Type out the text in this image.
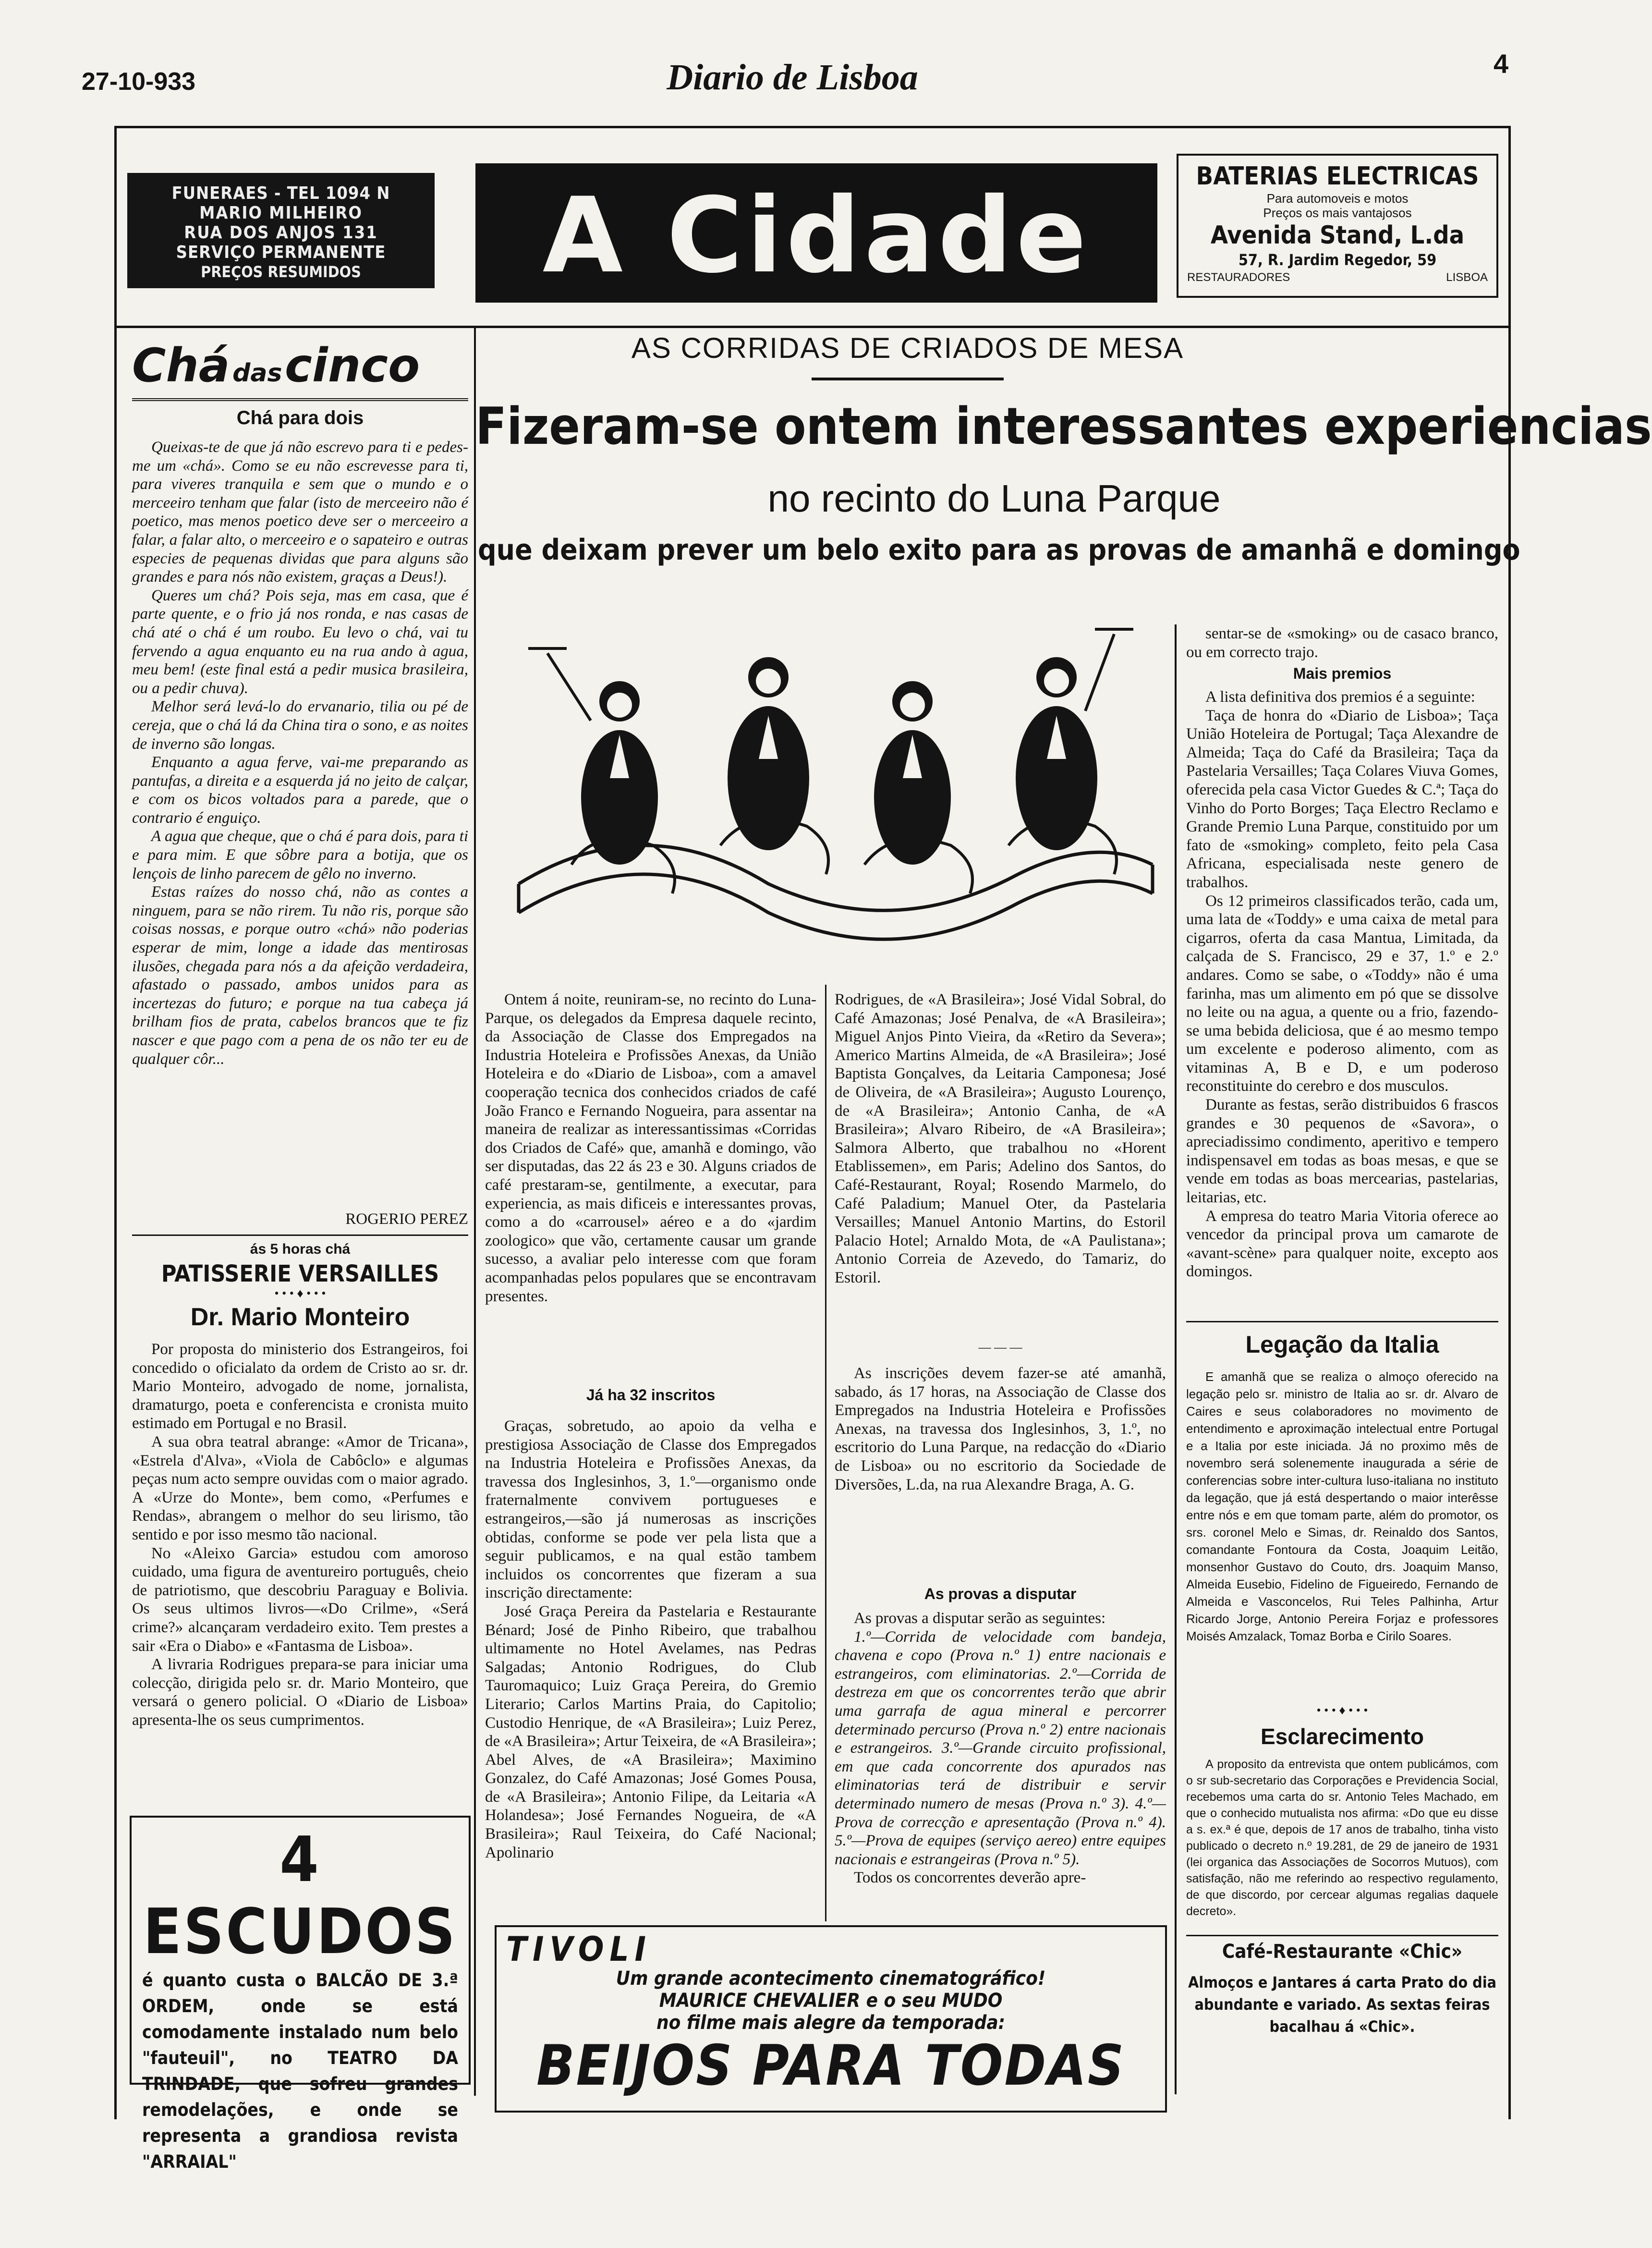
27-10-933	Diario de Lisboa	4
FUNERAES - TEL 1094 N
MARIO MILHEIRO
RUA DOS ANJOS 131
SERVIÇO PERMANENTE
PREÇOS RESUMIDOS	A Cidade	BATERIAS ELECTRICAS
Para automoveis e motos
Preços os mais vantajosos
Avenida Stand, L.da
57, R. Jardim Regedor, 59
RESTAURADORES	LISBOA
Chá das cinco
Chá para dois

Queixas-te de que já não escrevo para ti e pedes-me um «chá». Como se eu não escrevesse para ti, para viveres tranquila e sem que o mundo e o merceeiro tenham que falar (isto de merceeiro não é poetico, mas menos poetico deve ser o merceeiro a falar, a falar alto, o merceeiro e o sapateiro e outras especies de pequenas dividas que para alguns são grandes e para nós não existem, graças a Deus!).

Queres um chá? Pois seja, mas em casa, que é parte quente, e o frio já nos ronda, e nas casas de chá até o chá é um roubo. Eu levo o chá, vai tu fervendo a agua enquanto eu na rua ando à agua, meu bem! (este final está a pedir musica brasileira, ou a pedir chuva).

Melhor será levá-lo do ervanario, tilia ou pé de cereja, que o chá lá da China tira o sono, e as noites de inverno são longas.

Enquanto a agua ferve, vai-me preparando as pantufas, a direita e a esquerda já no jeito de calçar, e com os bicos voltados para a parede, que o contrario é enguiço.

A agua que cheque, que o chá é para dois, para ti e para mim. E que sôbre para a botija, que os lençois de linho parecem de gêlo no inverno.

Estas raízes do nosso chá, não as contes a ninguem, para se não rirem. Tu não ris, porque são coisas nossas, e porque outro «chá» não poderias esperar de mim, longe a idade das mentirosas ilusões, chegada para nós a da afeição verdadeira, afastado o passado, ambos unidos para as incertezas do futuro; e porque na tua cabeça já brilham fios de prata, cabelos brancos que te fiz nascer e que pago com a pena de os não ter eu de qualquer côr...

ROGERIO PEREZ
ás 5 horas chá
PATISSERIE VERSAILLES
• • • ♦ • • •
Dr. Mario Monteiro

Por proposta do ministerio dos Estrangeiros, foi concedido o oficialato da ordem de Cristo ao sr. dr. Mario Monteiro, advogado de nome, jornalista, dramaturgo, poeta e conferencista e cronista muito estimado em Portugal e no Brasil.

A sua obra teatral abrange: «Amor de Tricana», «Estrela d'Alva», «Viola de Cabôclo» e algumas peças num acto sempre ouvidas com o maior agrado. A «Urze do Monte», bem como, «Perfumes e Rendas», abrangem o melhor do seu lirismo, tão sentido e por isso mesmo tão nacional.

No «Aleixo Garcia» estudou com amoroso cuidado, uma figura de aventureiro português, cheio de patriotismo, que descobriu Paraguay e Bolivia. Os seus ultimos livros—«Do Crilme», «Será crime?» alcançaram verdadeiro exito. Tem prestes a sair «Era o Diabo» e «Fantasma de Lisboa».

A livraria Rodrigues prepara-se para iniciar uma colecção, dirigida pelo sr. dr. Mario Monteiro, que versará o genero policial. O «Diario de Lisboa» apresenta-lhe os seus cumprimentos.

4 ESCUDOS
é quanto custa o BALCÃO DE 3.ª ORDEM, onde se está comodamente instalado num belo "fauteuil", no TEATRO DA TRINDADE, que sofreu grandes remodelações, e onde se representa a grandiosa revista "ARRAIAL"
AS CORRIDAS DE CRIADOS DE MESA
Fizeram-se ontem interessantes experiencias
no recinto do Luna Parque
que deixam prever um belo exito para as provas de amanhã e domingo

Ontem á noite, reuniram-se, no recinto do Luna-Parque, os delegados da Empresa daquele recinto, da Associação de Classe dos Empregados na Industria Hoteleira e Profissões Anexas, da União Hoteleira e do «Diario de Lisboa», com a amavel cooperação tecnica dos conhecidos criados de café João Franco e Fernando Nogueira, para assentar na maneira de realizar as interessantissimas «Corridas dos Criados de Café» que, amanhã e domingo, vão ser disputadas, das 22 ás 23 e 30. Alguns criados de café prestaram-se, gentilmente, a executar, para experiencia, as mais dificeis e interessantes provas, como a do «carrousel» aéreo e a do «jardim zoologico» que vão, certamente causar um grande sucesso, a avaliar pelo interesse com que foram acompanhadas pelos populares que se encontravam presentes.

Já ha 32 inscritos

Graças, sobretudo, ao apoio da velha e prestigiosa Associação de Classe dos Empregados na Industria Hoteleira e Profissões Anexas, da travessa dos Inglesinhos, 3, 1.º—organismo onde fraternalmente convivem portugueses e estrangeiros,—são já numerosas as inscrições obtidas, conforme se pode ver pela lista que a seguir publicamos, e na qual estão tambem incluidos os concorrentes que fizeram a sua inscrição directamente:

José Graça Pereira da Pastelaria e Restaurante Bénard; José de Pinho Ribeiro, que trabalhou ultimamente no Hotel Avelames, nas Pedras Salgadas; Antonio Rodrigues, do Club Tauromaquico; Luiz Graça Pereira, do Gremio Literario; Carlos Martins Praia, do Capitolio; Custodio Henrique, de «A Brasileira»; Luiz Perez, de «A Brasileira»; Artur Teixeira, de «A Brasileira»; Abel Alves, de «A Brasileira»; Maximino Gonzalez, do Café Amazonas; José Gomes Pousa, de «A Brasileira»; Antonio Filipe, da Leitaria «A Holandesa»; José Fernandes Nogueira, de «A Brasileira»; Raul Teixeira, do Café Nacional; Apolinario

Rodrigues, de «A Brasileira»; José Vidal Sobral, do Café Amazonas; José Penalva, de «A Brasileira»; Miguel Anjos Pinto Vieira, da «Retiro da Severa»; Americo Martins Almeida, de «A Brasileira»; José Baptista Gonçalves, da Leitaria Camponesa; José de Oliveira, de «A Brasileira»; Augusto Lourenço, de «A Brasileira»; Antonio Canha, de «A Brasileira»; Alvaro Ribeiro, de «A Brasileira»; Salmora Alberto, que trabalhou no «Horent Etablissemen», em Paris; Adelino dos Santos, do Café-Restaurant, Royal; Rosendo Marmelo, do Café Paladium; Manuel Oter, da Pastelaria Versailles; Manuel Antonio Martins, do Estoril Palacio Hotel; Arnaldo Mota, de «A Paulistana»; Antonio Correia de Azevedo, do Tamariz, do Estoril.

— — —

As inscrições devem fazer-se até amanhã, sabado, ás 17 horas, na Associação de Classe dos Empregados na Industria Hoteleira e Profissões Anexas, na travessa dos Inglesinhos, 3, 1.º, no escritorio do Luna Parque, na redacção do «Diario de Lisboa» ou no escritorio da Sociedade de Diversões, L.da, na rua Alexandre Braga, A. G.

As provas a disputar

As provas a disputar serão as seguintes:

1.º—Corrida de velocidade com bandeja, chavena e copo (Prova n.º 1) entre nacionais e estrangeiros, com eliminatorias. 2.º—Corrida de destreza em que os concorrentes terão que abrir uma garrafa de agua mineral e percorrer determinado percurso (Prova n.º 2) entre nacionais e estrangeiros. 3.º—Grande circuito profissional, em que cada concorrente dos apurados nas eliminatorias terá de distribuir e servir determinado numero de mesas (Prova n.º 3). 4.º—Prova de correcção e apresentação (Prova n.º 4). 5.º—Prova de equipes (serviço aereo) entre equipes nacionais e estrangeiras (Prova n.º 5).

Todos os concorrentes deverão apre-

sentar-se de «smoking» ou de casaco branco, ou em correcto trajo.

Mais premios

A lista definitiva dos premios é a seguinte:

Taça de honra do «Diario de Lisboa»; Taça União Hoteleira de Portugal; Taça Alexandre de Almeida; Taça do Café da Brasileira; Taça da Pastelaria Versailles; Taça Colares Viuva Gomes, oferecida pela casa Victor Guedes & C.ª; Taça do Vinho do Porto Borges; Taça Electro Reclamo e Grande Premio Luna Parque, constituido por um fato de «smoking» completo, feito pela Casa Africana, especialisada neste genero de trabalhos.

Os 12 primeiros classificados terão, cada um, uma lata de «Toddy» e uma caixa de metal para cigarros, oferta da casa Mantua, Limitada, da calçada de S. Francisco, 29 e 37, 1.º e 2.º andares. Como se sabe, o «Toddy» não é uma farinha, mas um alimento em pó que se dissolve no leite ou na agua, a quente ou a frio, fazendo-se uma bebida deliciosa, que é ao mesmo tempo um excelente e poderoso alimento, com as vitaminas A, B e D, e um poderoso reconstituinte do cerebro e dos musculos.

Durante as festas, serão distribuidos 6 frascos grandes e 30 pequenos de «Savora», o apreciadissimo condimento, aperitivo e tempero indispensavel em todas as boas mesas, e que se vende em todas as boas mercearias, pastelarias, leitarias, etc.

A empresa do teatro Maria Vitoria oferece ao vencedor da principal prova um camarote de «avant-scène» para qualquer noite, excepto aos domingos.

Legação da Italia

E amanhã que se realiza o almoço oferecido na legação pelo sr. ministro de Italia ao sr. dr. Alvaro de Caires e seus colaboradores no movimento de entendimento e aproximação intelectual entre Portugal e a Italia por este iniciada. Já no proximo mês de novembro será solenemente inaugurada a série de conferencias sobre inter-cultura luso-italiana no instituto da legação, que já está despertando o maior interêsse entre nós e em que tomam parte, além do promotor, os srs. coronel Melo e Simas, dr. Reinaldo dos Santos, comandante Fontoura da Costa, Joaquim Leitão, monsenhor Gustavo do Couto, drs. Joaquim Manso, Almeida Eusebio, Fidelino de Figueiredo, Fernando de Almeida e Vasconcelos, Rui Teles Palhinha, Artur Ricardo Jorge, Antonio Pereira Forjaz e professores Moisés Amzalack, Tomaz Borba e Cirilo Soares.

• • • ♦ • • •
Esclarecimento

A proposito da entrevista que ontem publicámos, com o sr sub-secretario das Corporações e Previdencia Social, recebemos uma carta do sr. Antonio Teles Machado, em que o conhecido mutualista nos afirma: «Do que eu disse a s. ex.ª é que, depois de 17 anos de trabalho, tinha visto publicado o decreto n.º 19.281, de 29 de janeiro de 1931 (lei organica das Associações de Socorros Mutuos), com satisfação, não me referindo ao respectivo regulamento, de que discordo, por cercear algumas regalias daquele decreto».

Café-Restaurante «Chic»
Almoços e Jantares á carta Prato do dia abundante e variado. As sextas feiras bacalhau á «Chic».
TIVOLI
Um grande acontecimento cinematográfico!
MAURICE CHEVALIER e o seu MUDO
no filme mais alegre da temporada:
BEIJOS PARA TODAS
